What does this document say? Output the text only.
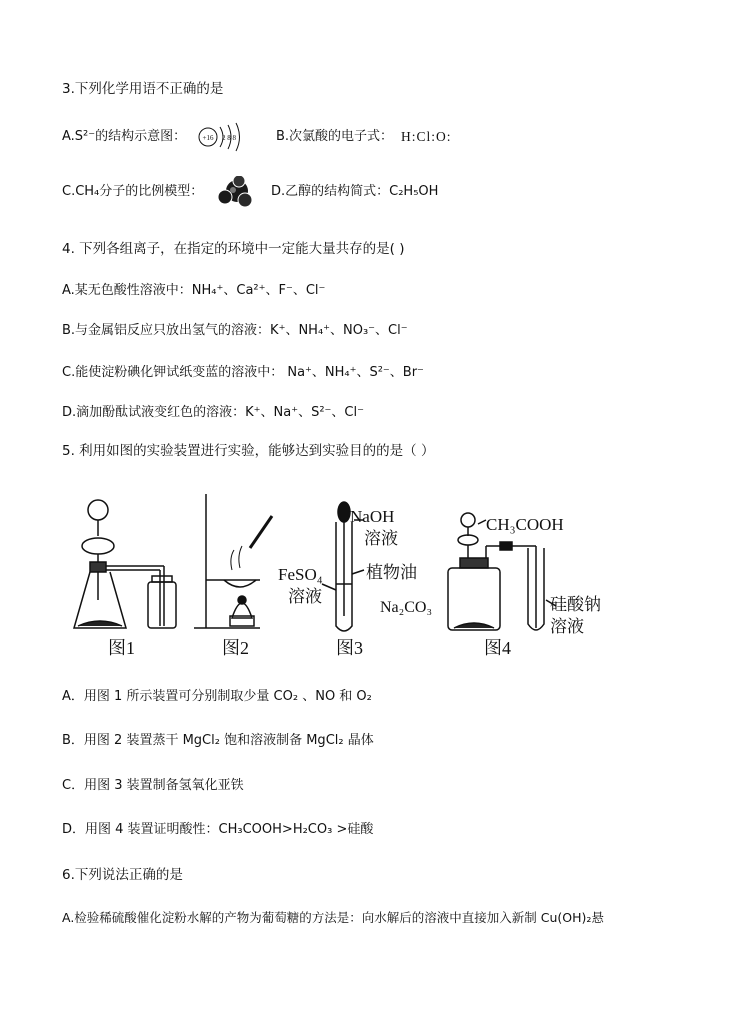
3.下列化学用语不正确的是
A.S²⁻的结构示意图： +16 2 8 8	B.次氯酸的电子式： H:Cl:O:
C.CH₄分子的比例模型：	D.乙醇的结构简式：C₂H₅OH
4. 下列各组离子，在指定的环境中一定能大量共存的是( )
A.某无色酸性溶液中：NH₄⁺、Ca²⁺、F⁻、Cl⁻
B.与金属铝反应只放出氢气的溶液：K⁺、NH₄⁺、NO₃⁻、Cl⁻
C.能使淀粉碘化钾试纸变蓝的溶液中： Na⁺、NH₄⁺、S²⁻、Br⁻
D.滴加酚酞试液变红色的溶液：K⁺、Na⁺、S²⁻、Cl⁻
5. 利用如图的实验装置进行实验，能够达到实验目的的是（ ）
NaOH
溶液
FeSO₄
溶液
植物油
CH₃COOH
Na₂CO₃	硅酸钠
溶液
图1	图2	图3	图4
A．用图 1 所示装置可分别制取少量 CO₂ 、NO 和 O₂
B．用图 2 装置蒸干 MgCl₂ 饱和溶液制备 MgCl₂ 晶体
C．用图 3 装置制备氢氧化亚铁
D．用图 4 装置证明酸性：CH₃COOH>H₂CO₃ >硅酸
6.下列说法正确的是
A.检验稀硫酸催化淀粉水解的产物为葡萄糖的方法是：向水解后的溶液中直接加入新制 Cu(OH)₂悬
